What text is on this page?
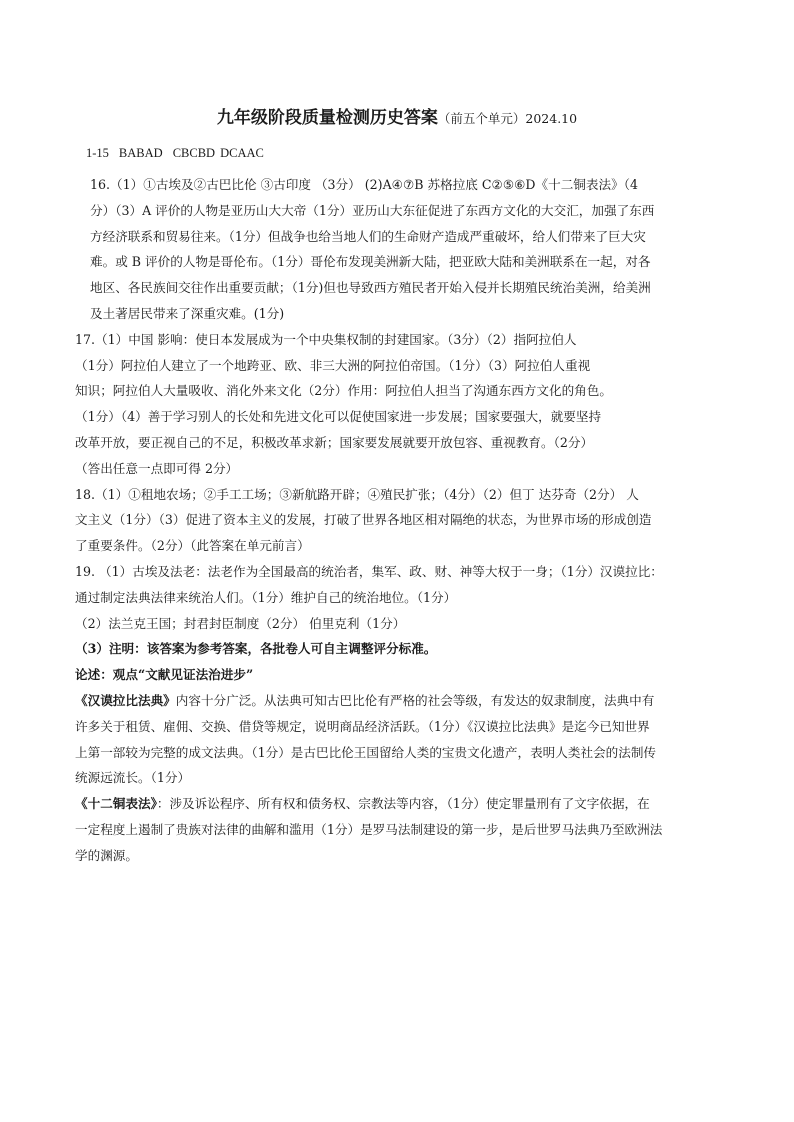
九年级阶段质量检测历史答案（前五个单元）2024.10
1-15 BABAD CBCBD DCAAC
16.（1）①古埃及②古巴比伦 ③古印度 （3分） (2)A④⑦B 苏格拉底 C②⑤⑥D《十二铜表法》（4
分）（3）A 评价的人物是亚历山大大帝（1分）亚历山大东征促进了东西方文化的大交汇，加强了东西
方经济联系和贸易往来。（1分）但战争也给当地人们的生命财产造成严重破坏，给人们带来了巨大灾
难。或 B 评价的人物是哥伦布。（1分）哥伦布发现美洲新大陆，把亚欧大陆和美洲联系在一起，对各
地区、各民族间交往作出重要贡献；（1分)但也导致西方殖民者开始入侵并长期殖民统治美洲，给美洲
及土著居民带来了深重灾难。(1分)
17.（1）中国 影响：使日本发展成为一个中央集权制的封建国家。（3分）（2）指阿拉伯人
（1分）阿拉伯人建立了一个地跨亚、欧、非三大洲的阿拉伯帝国。（1分）（3）阿拉伯人重视
知识；阿拉伯人大量吸收、消化外来文化（2分）作用：阿拉伯人担当了沟通东西方文化的角色。
（1分）（4）善于学习别人的长处和先进文化可以促使国家进一步发展；国家要强大，就要坚持
改革开放，要正视自己的不足，积极改革求新；国家要发展就要开放包容、重视教育。（2分）
（答出任意一点即可得 2分）
18.（1）①租地农场；②手工工场；③新航路开辟；④殖民扩张；（4分）（2）但丁 达芬奇（2分） 人
文主义（1分）（3）促进了资本主义的发展，打破了世界各地区相对隔绝的状态，为世界市场的形成创造
了重要条件。（2分）（此答案在单元前言）
19. （1）古埃及法老：法老作为全国最高的统治者，集军、政、财、神等大权于一身；（1分）汉谟拉比：
通过制定法典法律来统治人们。（1分）维护自己的统治地位。（1分）
（2）法兰克王国；封君封臣制度（2分） 伯里克利（1分）
（3）注明：该答案为参考答案，各批卷人可自主调整评分标准。
论述：观点“文献见证法治进步”
《汉谟拉比法典》内容十分广泛。从法典可知古巴比伦有严格的社会等级，有发达的奴隶制度，法典中有
许多关于租赁、雇佣、交换、借贷等规定，说明商品经济活跃。（1分）《汉谟拉比法典》是迄今已知世界
上第一部较为完整的成文法典。（1分）是古巴比伦王国留给人类的宝贵文化遗产，表明人类社会的法制传
统源远流长。（1分）
《十二铜表法》：涉及诉讼程序、所有权和债务权、宗教法等内容，（1分）使定罪量刑有了文字依据，在
一定程度上遏制了贵族对法律的曲解和滥用（1分）是罗马法制建设的第一步，是后世罗马法典乃至欧洲法
学的渊源。
